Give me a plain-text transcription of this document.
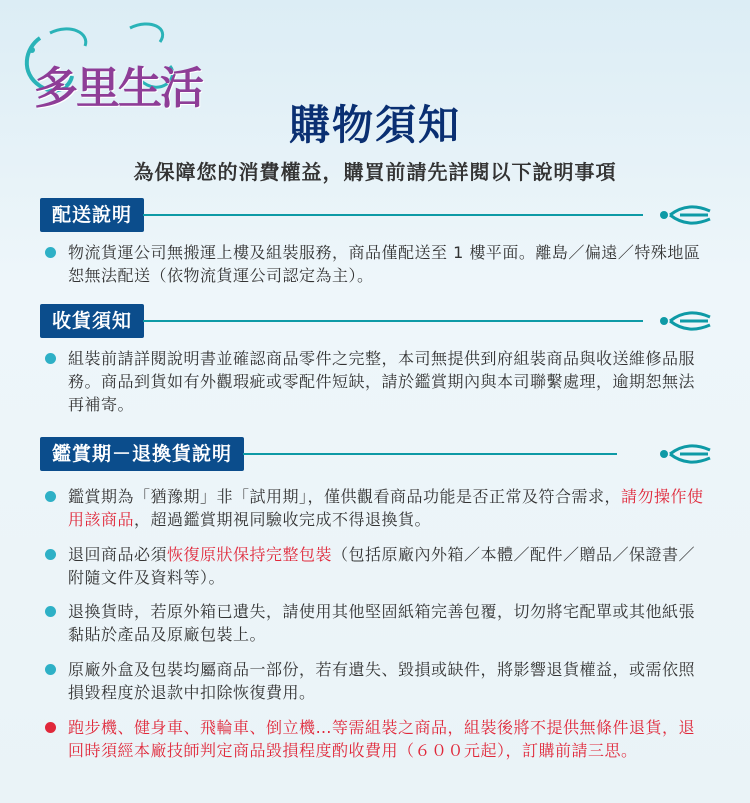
多里生活
購物須知
為保障您的消費權益，購買前請先詳閱以下說明事項
配送說明
物流貨運公司無搬運上樓及組裝服務，商品僅配送至 1 樓平面。離島／偏遠／特殊地區恕無法配送（依物流貨運公司認定為主）。
收貨須知
組裝前請詳閱說明書並確認商品零件之完整，本司無提供到府組裝商品與收送維修品服務。商品到貨如有外觀瑕疵或零配件短缺，請於鑑賞期內與本司聯繫處理，逾期恕無法再補寄。
鑑賞期－退換貨說明
鑑賞期為「猶豫期」非「試用期」，僅供觀看商品功能是否正常及符合需求，請勿操作使用該商品，超過鑑賞期視同驗收完成不得退換貨。
退回商品必須恢復原狀保持完整包裝（包括原廠內外箱／本體／配件／贈品／保證書／附隨文件及資料等）。
退換貨時，若原外箱已遺失，請使用其他堅固紙箱完善包覆，切勿將宅配單或其他紙張黏貼於產品及原廠包裝上。
原廠外盒及包裝均屬商品一部份，若有遺失、毀損或缺件，將影響退貨權益，或需依照損毀程度於退款中扣除恢復費用。
跑步機、健身車、飛輪車、倒立機…等需組裝之商品，組裝後將不提供無條件退貨，退回時須經本廠技師判定商品毀損程度酌收費用（６００元起），訂購前請三思。
